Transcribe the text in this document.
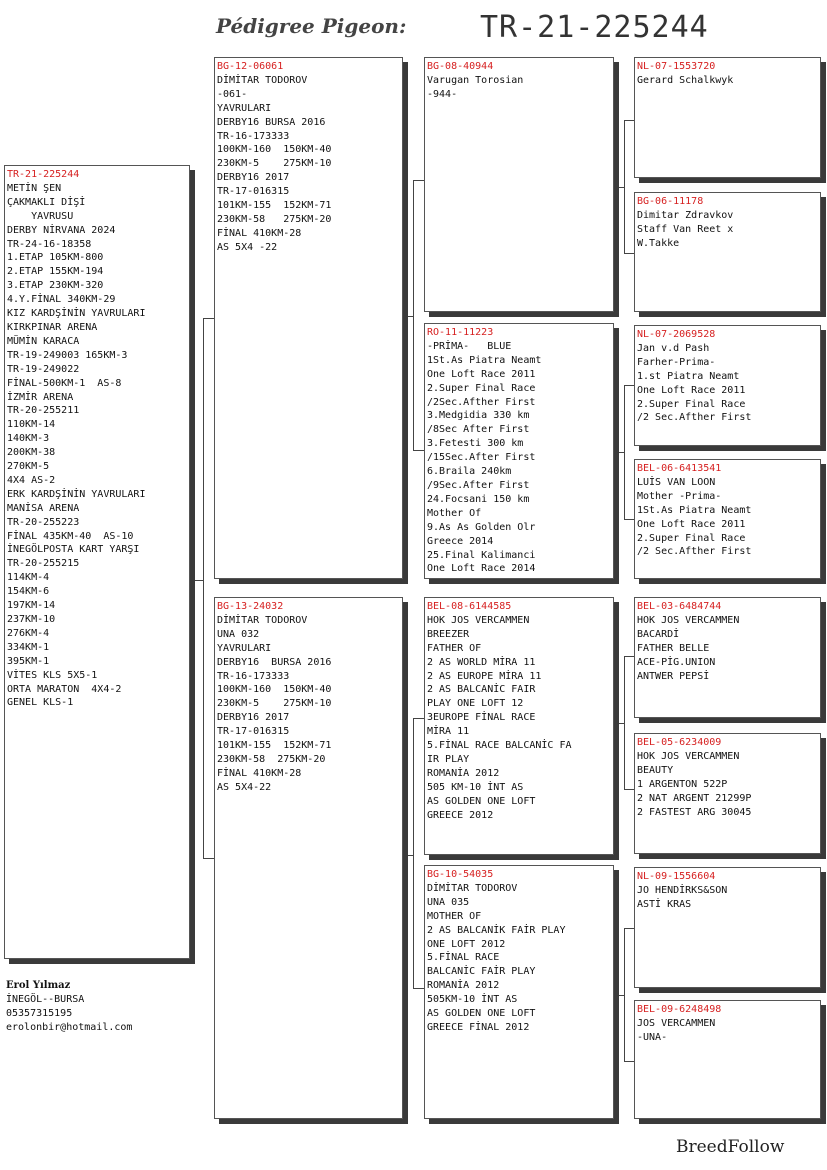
Pédigree Pigeon: TR-21-225244
TR-21-225244
METİN ŞEN
ÇAKMAKLI DİŞİ
YAVRUSU
DERBY NİRVANA 2024
TR-24-16-18358
1.ETAP 105KM-800
2.ETAP 155KM-194
3.ETAP 230KM-320
4.Y.FİNAL 340KM-29
KIZ KARDŞİNİN YAVRULARI
KIRKPINAR ARENA
MÜMİN KARACA
TR-19-249003 165KM-3
TR-19-249022
FİNAL-500KM-1  AS-8
İZMİR ARENA
TR-20-255211
110KM-14
140KM-3
200KM-38
270KM-5
4X4 AS-2
ERK KARDŞİNİN YAVRULARI
MANİSA ARENA
TR-20-255223
FİNAL 435KM-40  AS-10
İNEGÖLPOSTA KART YARŞI
TR-20-255215
114KM-4
154KM-6
197KM-14
237KM-10
276KM-4
334KM-1
395KM-1
VİTES KLS 5X5-1
ORTA MARATON  4X4-2
GENEL KLS-1
BG-12-06061
DİMİTAR TODOROV
-061-
YAVRULARI
DERBY16 BURSA 2016
TR-16-173333
100KM-160  150KM-40
230KM-5    275KM-10
DERBY16 2017
TR-17-016315
101KM-155  152KM-71
230KM-58   275KM-20
FİNAL 410KM-28
AS 5X4 -22
BG-13-24032
DİMİTAR TODOROV
UNA 032
YAVRULARI
DERBY16  BURSA 2016
TR-16-173333
100KM-160  150KM-40
230KM-5    275KM-10
DERBY16 2017
TR-17-016315
101KM-155  152KM-71
230KM-58  275KM-20
FİNAL 410KM-28
AS 5X4-22
BG-08-40944
Varugan Torosian
-944-
RO-11-11223
-PRİMA-   BLUE
1St.As Piatra Neamt
One Loft Race 2011
2.Super Final Race
/2Sec.Afther First
3.Medgidia 330 km
/8Sec After First
3.Fetesti 300 km
/15Sec.After First
6.Braila 240km
/9Sec.After First
24.Focsani 150 km
Mother Of
9.As As Golden Olr
Greece 2014
25.Final Kalimanci
One Loft Race 2014
BEL-08-6144585
HOK JOS VERCAMMEN
BREEZER
FATHER OF
2 AS WORLD MİRA 11
2 AS EUROPE MİRA 11
2 AS BALCANİC FAIR
PLAY ONE LOFT 12
3EUROPE FİNAL RACE
MİRA 11
5.FİNAL RACE BALCANİC FA
IR PLAY
ROMANİA 2012
505 KM-10 İNT AS
AS GOLDEN ONE LOFT
GREECE 2012
BG-10-54035
DİMİTAR TODOROV
UNA 035
MOTHER OF
2 AS BALCANİK FAİR PLAY
ONE LOFT 2012
5.FİNAL RACE
BALCANİC FAİR PLAY
ROMANİA 2012
505KM-10 İNT AS
AS GOLDEN ONE LOFT
GREECE FİNAL 2012
NL-07-1553720
Gerard Schalkwyk
BG-06-11178
Dimitar Zdravkov
Staff Van Reet x
W.Takke
NL-07-2069528
Jan v.d Pash
Farher-Prima-
1.st Piatra Neamt
One Loft Race 2011
2.Super Final Race
/2 Sec.Afther First
BEL-06-6413541
LUİS VAN LOON
Mother -Prima-
1St.As Piatra Neamt
One Loft Race 2011
2.Super Final Race
/2 Sec.Afther First
BEL-03-6484744
HOK JOS VERCAMMEN
BACARDİ
FATHER BELLE
ACE-PİG.UNION
ANTWER PEPSİ
BEL-05-6234009
HOK JOS VERCAMMEN
BEAUTY
1 ARGENTON 522P
2 NAT ARGENT 21299P
2 FASTEST ARG 30045
NL-09-1556604
JO HENDİRKS&SON
ASTİ KRAS
BEL-09-6248498
JOS VERCAMMEN
-UNA-
Erol Yılmaz
İNEGÖL--BURSA
05357315195
erolonbir@hotmail.com
BreedFollow
